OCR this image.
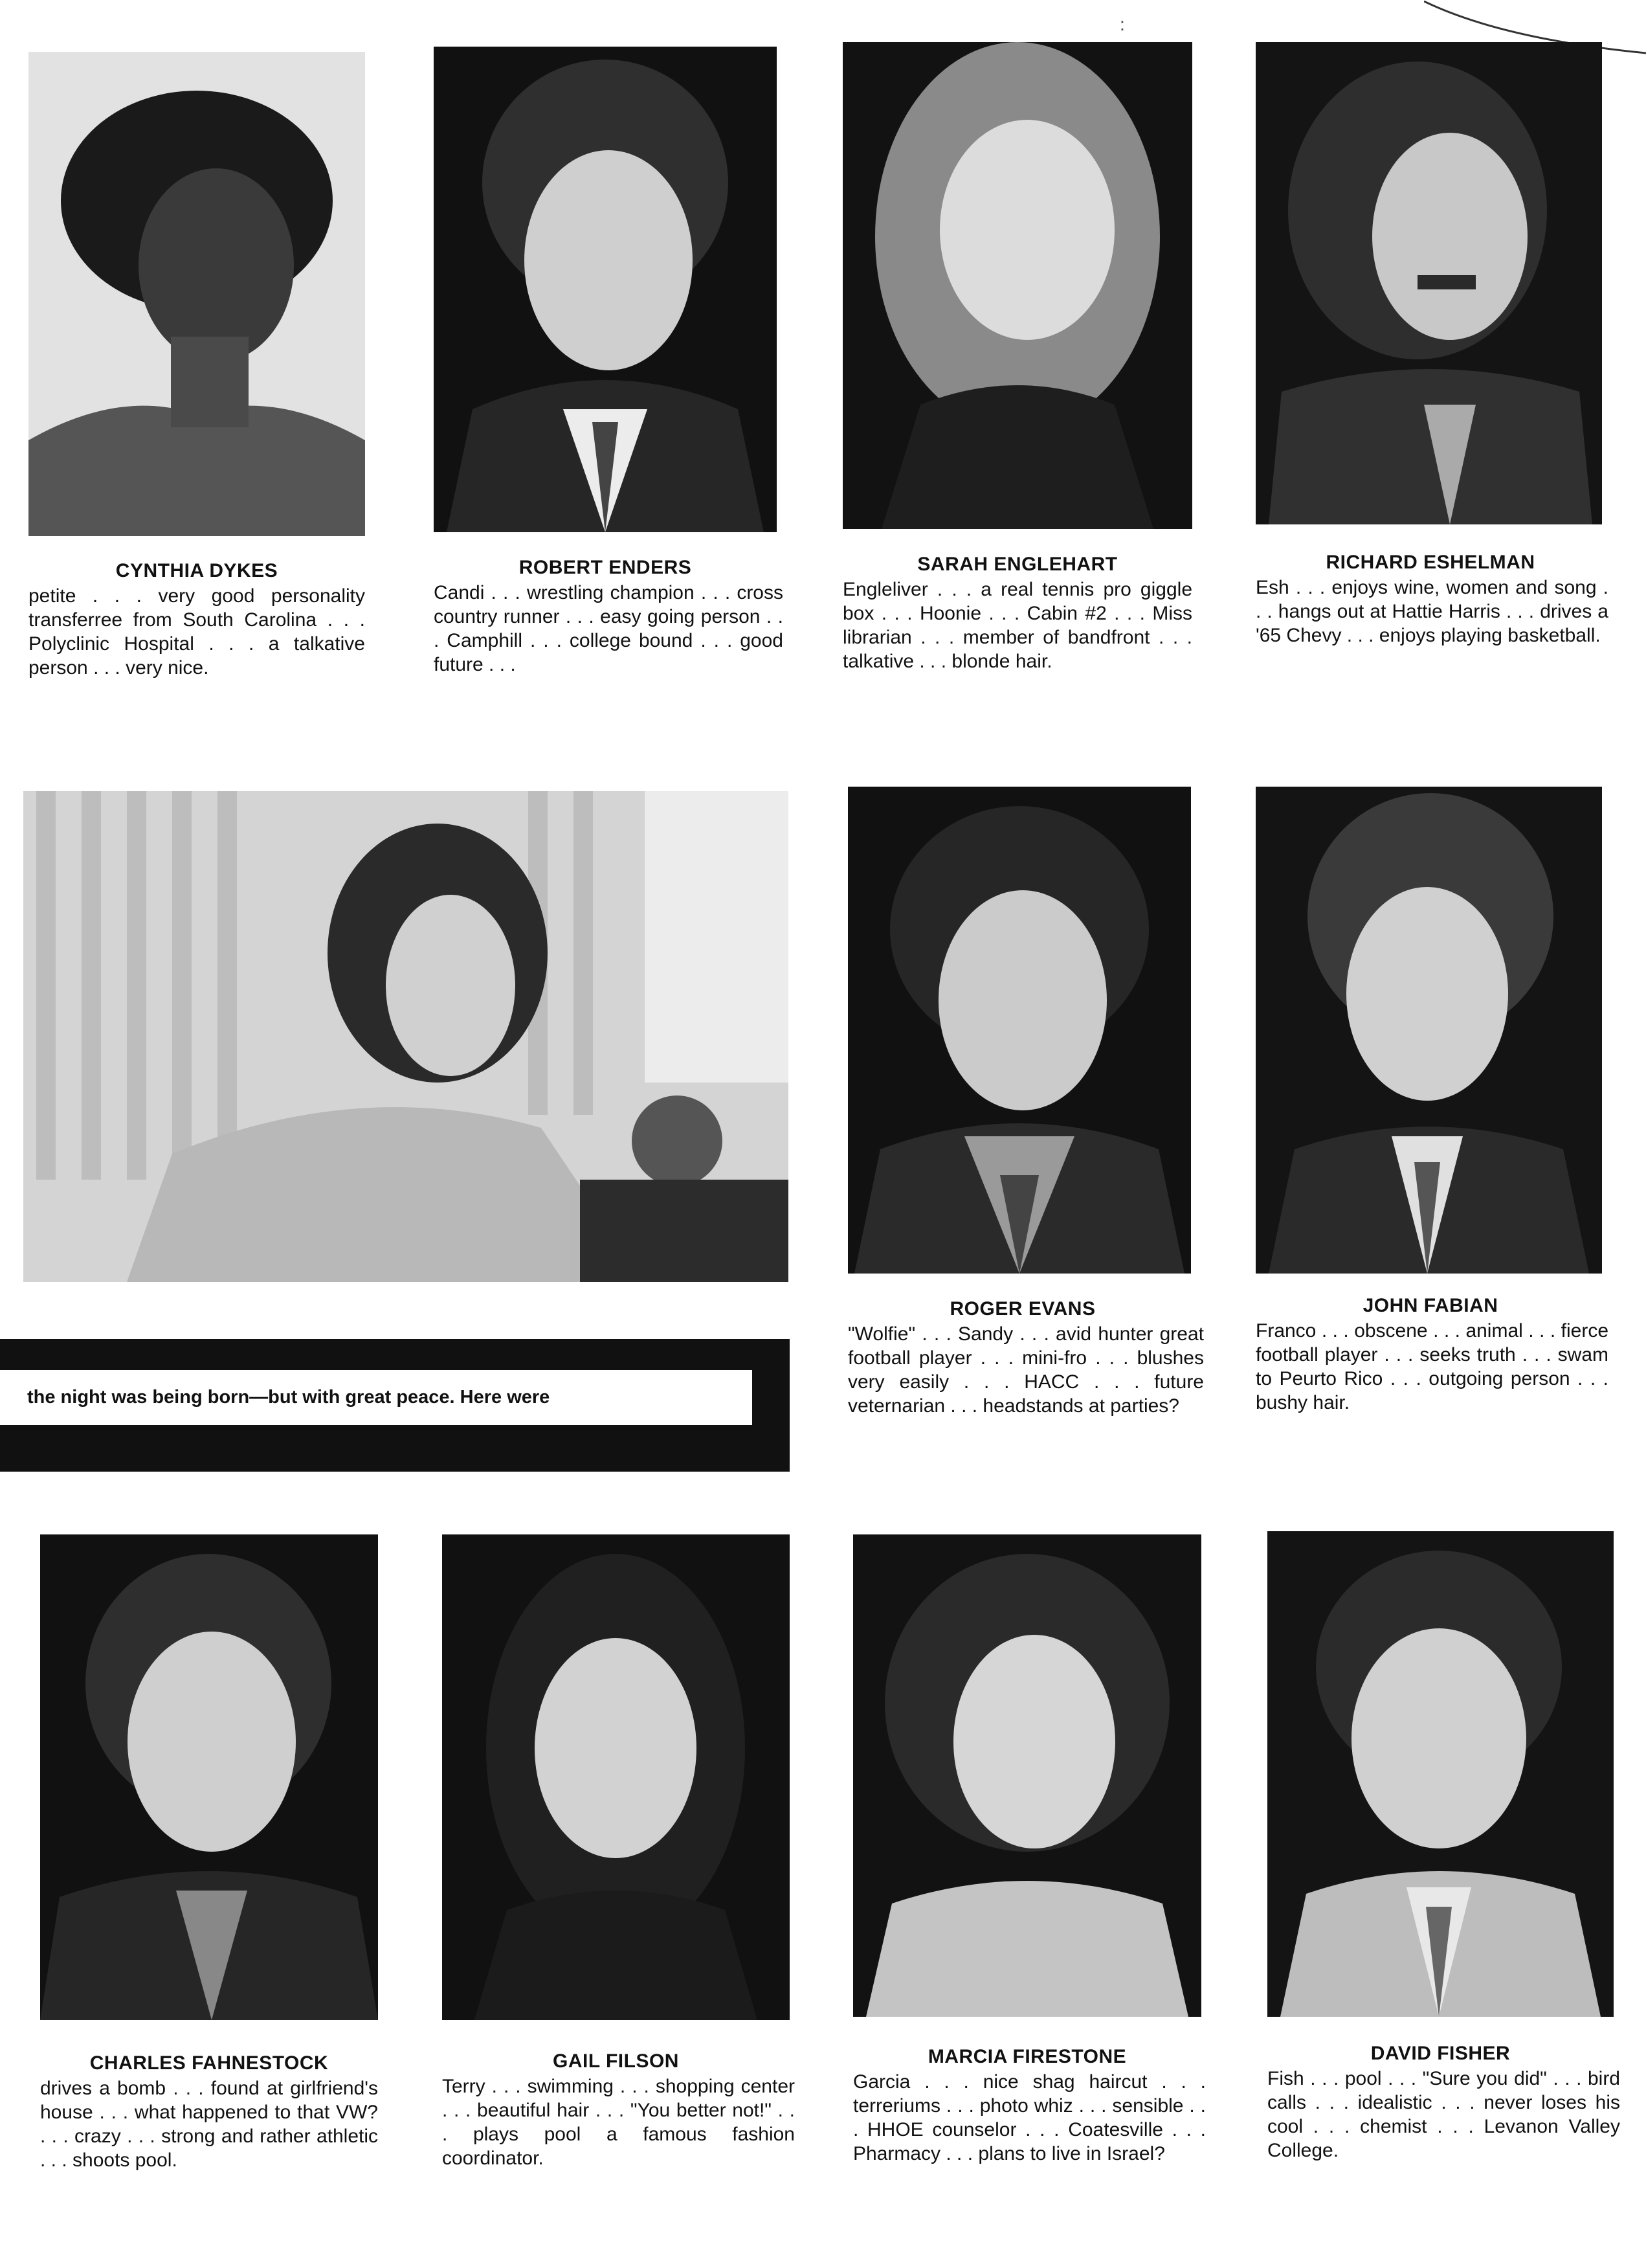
:
CYNTHIA DYKES
petite . . . very good personality transferree from South Carolina . . . Polyclinic Hospital . . . a talkative person . . . very nice.
ROBERT ENDERS
Candi . . . wrestling champion . . . cross country runner . . . easy going person . . . Camphill . . . college bound . . . good future . . .
SARAH ENGLEHART
Engleliver . . . a real tennis pro giggle box . . . Hoonie . . . Cabin #2 . . . Miss librarian . . . member of bandfront . . . talkative . . . blonde hair.
RICHARD ESHELMAN
Esh . . . enjoys wine, women and song . . . hangs out at Hattie Harris . . . drives a '65 Chevy . . . enjoys playing basketball.
the night was being born—but with great peace. Here were
ROGER EVANS
"Wolfie" . . . Sandy . . . avid hunter great football player . . . mini-fro . . . blushes very easily . . . HACC . . . future veternarian . . . headstands at parties?
JOHN FABIAN
Franco . . . obscene . . . animal . . . fierce football player . . . seeks truth . . . swam to Peurto Rico . . . outgoing person . . . bushy hair.
CHARLES FAHNESTOCK
drives a bomb . . . found at girlfriend's house . . . what happened to that VW? . . . crazy . . . strong and rather athletic . . . shoots pool.
GAIL FILSON
Terry . . . swimming . . . shopping center . . . beautiful hair . . . "You better not!" . . . plays pool a famous fashion coordinator.
MARCIA FIRESTONE
Garcia . . . nice shag haircut . . . terreriums . . . photo whiz . . . sensible . . . HHOE counselor . . . Coatesville . . . Pharmacy . . . plans to live in Israel?
DAVID FISHER
Fish . . . pool . . . "Sure you did" . . . bird calls . . . idealistic . . . never loses his cool . . . chemist . . . Levanon Valley College.
